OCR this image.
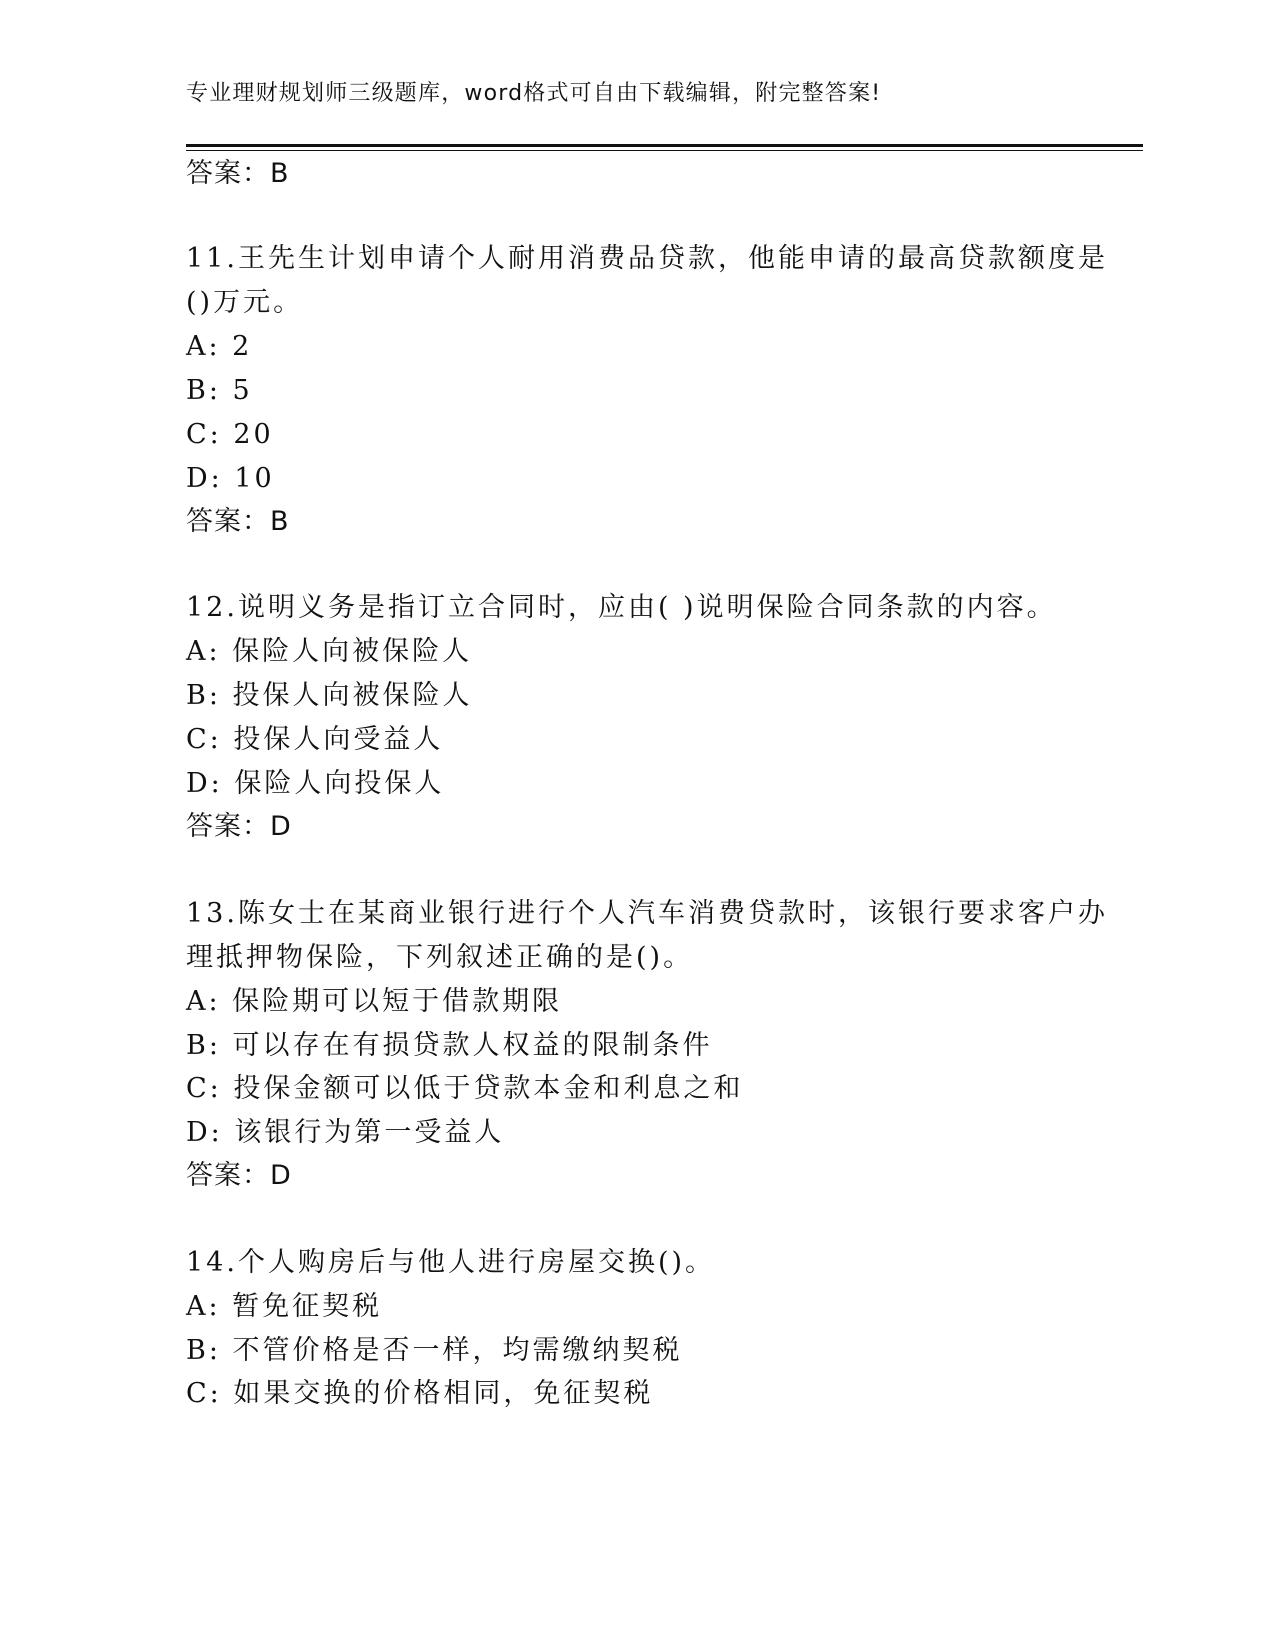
专业理财规划师三级题库，word格式可自由下载编辑，附完整答案!
答案：B
11.王先生计划申请个人耐用消费品贷款，他能申请的最高贷款额度是
()万元。
A: 2
B: 5
C: 20
D: 10
答案：B
12.说明义务是指订立合同时，应由( )说明保险合同条款的内容。
A: 保险人向被保险人
B: 投保人向被保险人
C: 投保人向受益人
D: 保险人向投保人
答案：D
13.陈女士在某商业银行进行个人汽车消费贷款时，该银行要求客户办
理抵押物保险，下列叙述正确的是()。
A: 保险期可以短于借款期限
B: 可以存在有损贷款人权益的限制条件
C: 投保金额可以低于贷款本金和利息之和
D: 该银行为第一受益人
答案：D
14.个人购房后与他人进行房屋交换()。
A: 暂免征契税
B: 不管价格是否一样，均需缴纳契税
C: 如果交换的价格相同，免征契税
